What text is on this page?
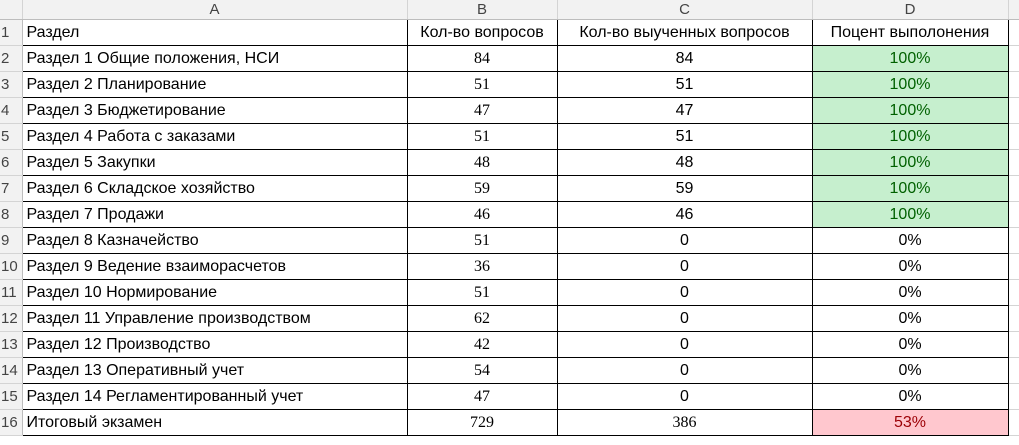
	A	B	C	D	
1	Раздел	Кол-во вопросов	Кол-во выученных вопросов	Поцент выполонения	
2	Раздел 1 Общие положения, НСИ	84	84	100%	
3	Раздел 2 Планирование	51	51	100%	
4	Раздел 3 Бюджетирование	47	47	100%	
5	Раздел 4 Работа с заказами	51	51	100%	
6	Раздел 5 Закупки	48	48	100%	
7	Раздел 6 Складское хозяйство	59	59	100%	
8	Раздел 7 Продажи	46	46	100%	
9	Раздел 8 Казначейство	51	0	0%	
10	Раздел 9 Ведение взаиморасчетов	36	0	0%	
11	Раздел 10 Нормирование	51	0	0%	
12	Раздел 11 Управление производством	62	0	0%	
13	Раздел 12 Производство	42	0	0%	
14	Раздел 13 Оперативный учет	54	0	0%	
15	Раздел 14 Регламентированный учет	47	0	0%	
16	Итоговый экзамен	729	386	53%	
